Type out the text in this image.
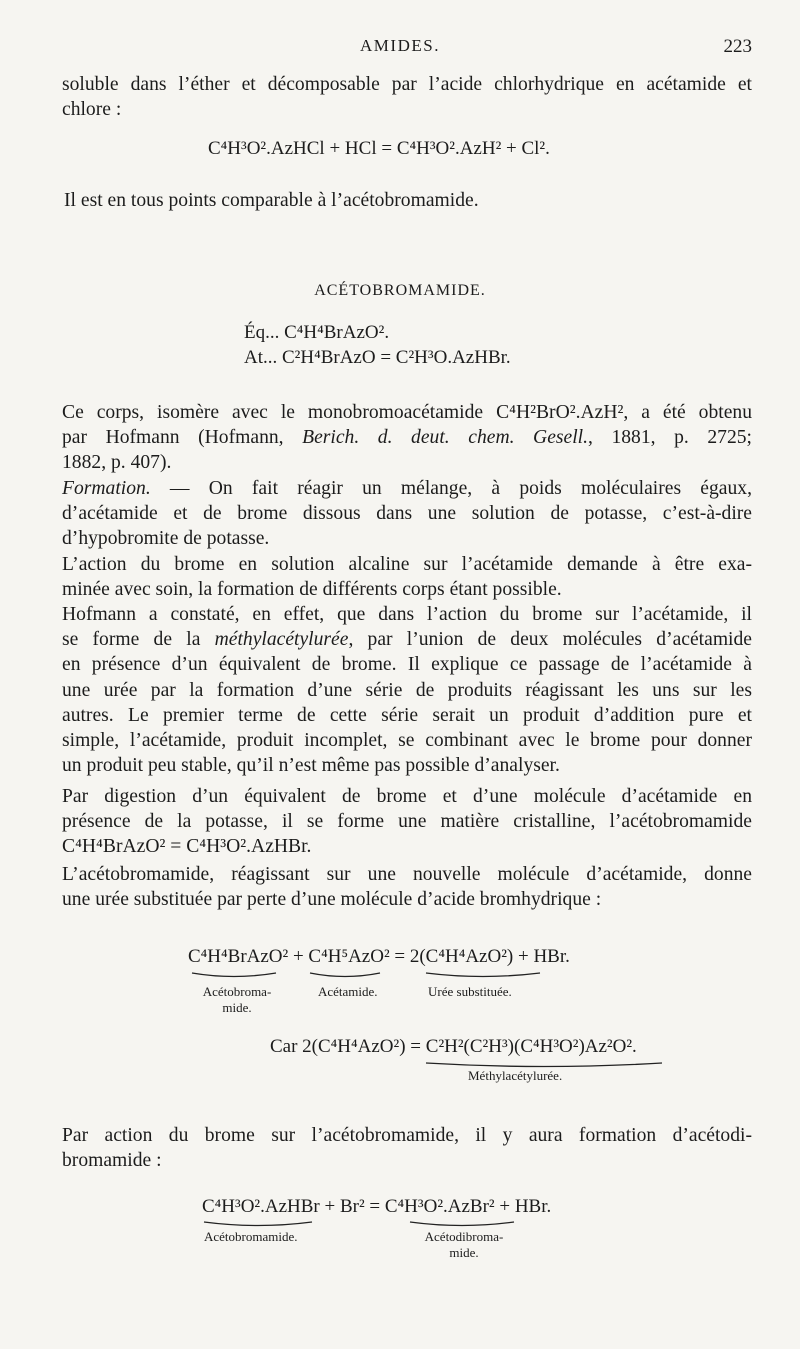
AMIDES.	223
soluble dans l’éther et décomposable par l’acide chlorhydrique en acétamide et
chlore :
C⁴H³O².AzHCl + HCl = C⁴H³O².AzH² + Cl².
Il est en tous points comparable à l’acétobromamide.
ACÉTOBROMAMIDE.
Éq... C⁴H⁴BrAzO².
At... C²H⁴BrAzO = C²H³O.AzHBr.
Ce corps, isomère avec le monobromoacétamide C⁴H²BrO².AzH², a été obtenu
par Hofmann (Hofmann, Berich. d. deut. chem. Gesell., 1881, p. 2725;
1882, p. 407).
Formation. — On fait réagir un mélange, à poids moléculaires égaux,
d’acétamide et de brome dissous dans une solution de potasse, c’est-à-dire
d’hypobromite de potasse.
L’action du brome en solution alcaline sur l’acétamide demande à être exa-
minée avec soin, la formation de différents corps étant possible.
Hofmann a constaté, en effet, que dans l’action du brome sur l’acétamide, il
se forme de la méthylacétylurée, par l’union de deux molécules d’acétamide
en présence d’un équivalent de brome. Il explique ce passage de l’acétamide à
une urée par la formation d’une série de produits réagissant les uns sur les
autres. Le premier terme de cette série serait un produit d’addition pure et
simple, l’acétamide, produit incomplet, se combinant avec le brome pour donner
un produit peu stable, qu’il n’est même pas possible d’analyser.
Par digestion d’un équivalent de brome et d’une molécule d’acétamide en
présence de la potasse, il se forme une matière cristalline, l’acétobromamide
C⁴H⁴BrAzO² = C⁴H³O².AzHBr.
L’acétobromamide, réagissant sur une nouvelle molécule d’acétamide, donne
une urée substituée par perte d’une molécule d’acide bromhydrique :
C⁴H⁴BrAzO² + C⁴H⁵AzO² = 2(C⁴H⁴AzO²) + HBr.
Acétobroma-
mide.
Acétamide.	Urée substituée.
Car 2(C⁴H⁴AzO²) = C²H²(C²H³)(C⁴H³O²)Az²O².
Méthylacétylurée.
Par action du brome sur l’acétobromamide, il y aura formation d’acétodi-
bromamide :
C⁴H³O².AzHBr + Br² = C⁴H³O².AzBr² + HBr.
Acétobromamide.	Acétodibroma-
mide.
